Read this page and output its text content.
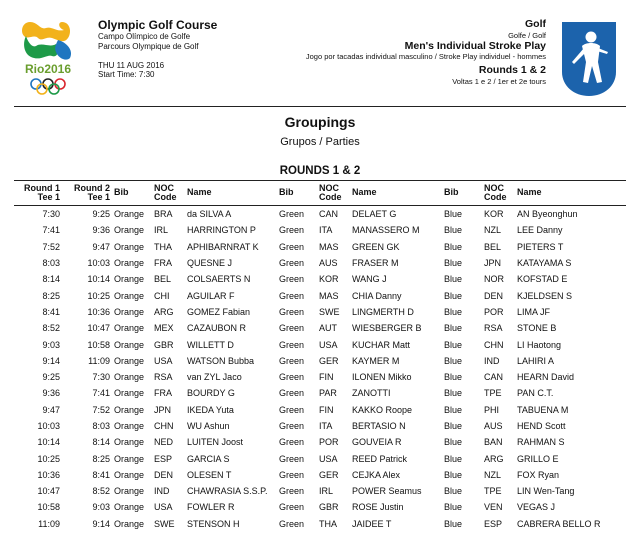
Rio2016
Olympic Golf Course
Campo Olímpico de Golfe
Parcours Olympique de Golf
THU 11 AUG 2016
Start Time: 7:30
Golf
Golfe / Golf
Men's Individual Stroke Play
Jogo por tacadas individual masculino / Stroke Play individuel - hommes
Rounds 1 & 2
Voltas 1 e 2 / 1er et 2e tours
Groupings
Grupos / Parties
ROUNDS 1 & 2
Round 1 Tee 1	Round 2 Tee 1	Bib	NOC Code	Name	Bib	NOC Code	Name	Bib	NOC Code	Name
7:30	9:25	Orange	BRA	da SILVA A	Green	CAN	DELAET G	Blue	KOR	AN Byeonghun
7:41	9:36	Orange	IRL	HARRINGTON P	Green	ITA	MANASSERO M	Blue	NZL	LEE Danny
7:52	9:47	Orange	THA	APHIBARNRAT K	Green	MAS	GREEN GK	Blue	BEL	PIETERS T
8:03	10:03	Orange	FRA	QUESNE J	Green	AUS	FRASER M	Blue	JPN	KATAYAMA S
8:14	10:14	Orange	BEL	COLSAERTS N	Green	KOR	WANG J	Blue	NOR	KOFSTAD E
8:25	10:25	Orange	CHI	AGUILAR F	Green	MAS	CHIA Danny	Blue	DEN	KJELDSEN S
8:41	10:36	Orange	ARG	GOMEZ Fabian	Green	SWE	LINGMERTH D	Blue	POR	LIMA JF
8:52	10:47	Orange	MEX	CAZAUBON R	Green	AUT	WIESBERGER B	Blue	RSA	STONE B
9:03	10:58	Orange	GBR	WILLETT D	Green	USA	KUCHAR Matt	Blue	CHN	LI Haotong
9:14	11:09	Orange	USA	WATSON Bubba	Green	GER	KAYMER M	Blue	IND	LAHIRI A
9:25	7:30	Orange	RSA	van ZYL Jaco	Green	FIN	ILONEN Mikko	Blue	CAN	HEARN David
9:36	7:41	Orange	FRA	BOURDY G	Green	PAR	ZANOTTI	Blue	TPE	PAN C.T.
9:47	7:52	Orange	JPN	IKEDA Yuta	Green	FIN	KAKKO Roope	Blue	PHI	TABUENA M
10:03	8:03	Orange	CHN	WU Ashun	Green	ITA	BERTASIO N	Blue	AUS	HEND Scott
10:14	8:14	Orange	NED	LUITEN Joost	Green	POR	GOUVEIA R	Blue	BAN	RAHMAN S
10:25	8:25	Orange	ESP	GARCIA S	Green	USA	REED Patrick	Blue	ARG	GRILLO E
10:36	8:41	Orange	DEN	OLESEN T	Green	GER	CEJKA Alex	Blue	NZL	FOX Ryan
10:47	8:52	Orange	IND	CHAWRASIA S.S.P.	Green	IRL	POWER Seamus	Blue	TPE	LIN Wen-Tang
10:58	9:03	Orange	USA	FOWLER R	Green	GBR	ROSE Justin	Blue	VEN	VEGAS J
11:09	9:14	Orange	SWE	STENSON H	Green	THA	JAIDEE T	Blue	ESP	CABRERA BELLO R
